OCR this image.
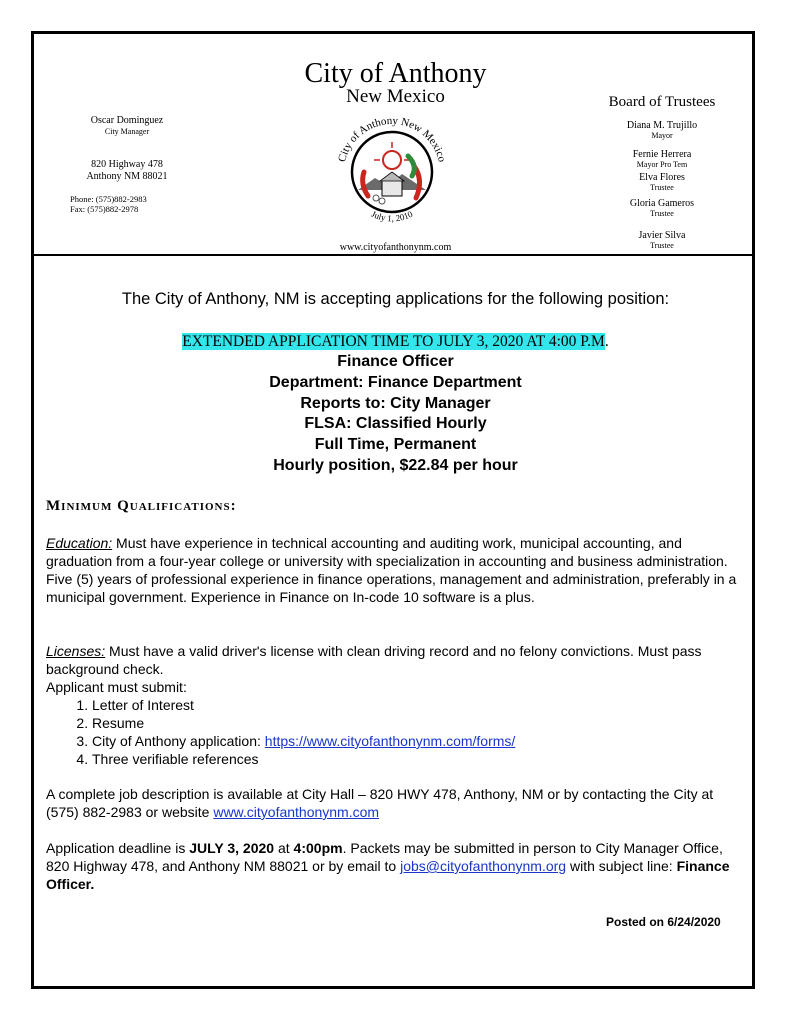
City of Anthony
New Mexico
Oscar Dominguez
City Manager
820 Highway 478
Anthony NM 88021
Phone: (575)882-2983
Fax: (575)882-2978
City of Anthony New Mexico
July 1, 2010
www.cityofanthonynm.com
Board of Trustees
Diana M. Trujillo
Mayor
Fernie Herrera
Mayor Pro Tem
Elva Flores
Trustee
Gloria Gameros
Trustee
Javier Silva
Trustee
The City of Anthony, NM is accepting applications for the following position:
EXTENDED APPLICATION TIME TO JULY 3, 2020 AT 4:00 P.M.
Finance Officer
Department: Finance Department
Reports to: City Manager
FLSA: Classified Hourly
Full Time, Permanent
Hourly position, $22.84 per hour
Minimum Qualifications:
Education: Must have experience in technical accounting and auditing work, municipal accounting, and graduation from a four-year college or university with specialization in accounting and business administration. Five (5) years of professional experience in finance operations, management and administration, preferably in a municipal government. Experience in Finance on In-code 10 software is a plus.
Licenses: Must have a valid driver's license with clean driving record and no felony convictions. Must pass background check.
Applicant must submit:
1. Letter of Interest
2. Resume
3. City of Anthony application: https://www.cityofanthonynm.com/forms/
4. Three verifiable references
A complete job description is available at City Hall – 820 HWY 478, Anthony, NM or by contacting the City at (575) 882-2983 or website www.cityofanthonynm.com
Application deadline is JULY 3, 2020 at 4:00pm. Packets may be submitted in person to City Manager Office, 820 Highway 478, and Anthony NM 88021 or by email to jobs@cityofanthonynm.org with subject line: Finance Officer.
Posted on 6/24/2020
